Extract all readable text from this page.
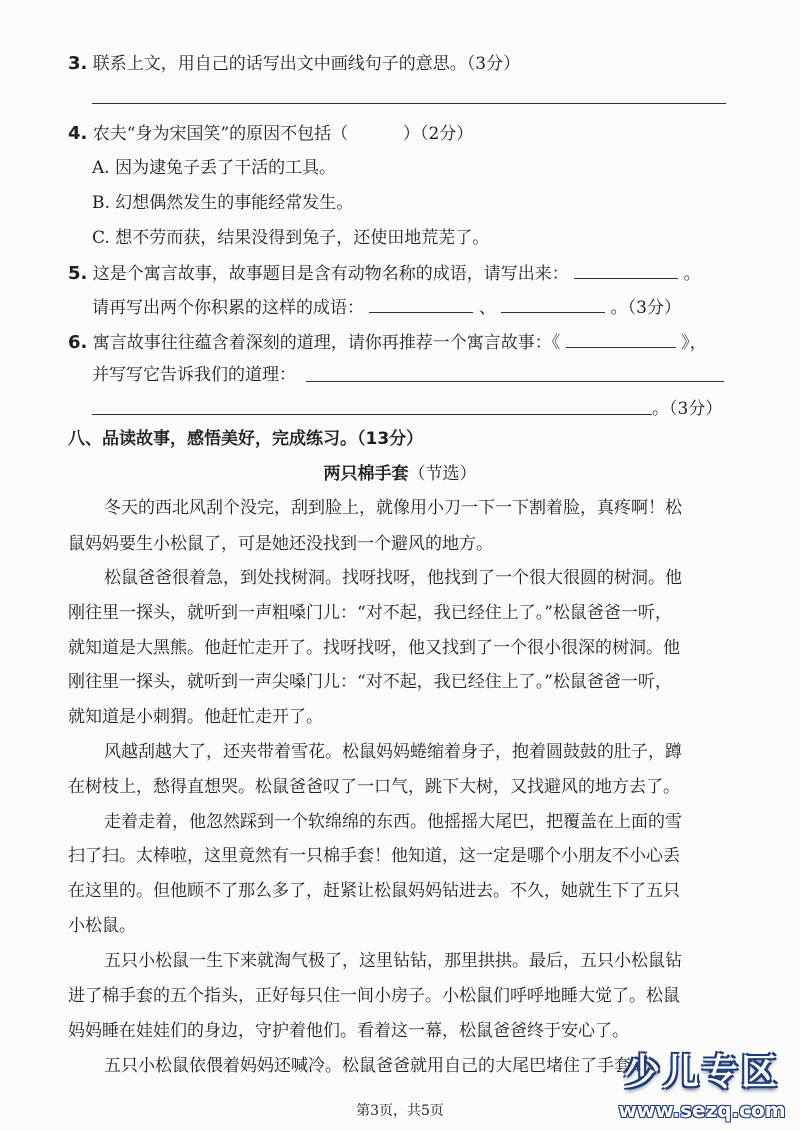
3. 联系上文，用自己的话写出文中画线句子的意思。（3分）
4. 农夫“身为宋国笑”的原因不包括（	）（2分）
A. 因为逮兔子丢了干活的工具。
B. 幻想偶然发生的事能经常发生。
C. 想不劳而获，结果没得到兔子，还使田地荒芜了。
5. 这是个寓言故事，故事题目是含有动物名称的成语，请写出来：	。
请再写出两个你积累的这样的成语：	、	。（3分）
6. 寓言故事往往蕴含着深刻的道理，请你再推荐一个寓言故事：《	》，
并写写它告诉我们的道理：
。（3分）
八、品读故事，感悟美好，完成练习。（13分）
两只棉手套（节选）
冬天的西北风刮个没完，刮到脸上，就像用小刀一下一下割着脸，真疼啊！松
鼠妈妈要生小松鼠了，可是她还没找到一个避风的地方。
松鼠爸爸很着急，到处找树洞。找呀找呀，他找到了一个很大很圆的树洞。他
刚往里一探头，就听到一声粗嗓门儿：“对不起，我已经住上了。”松鼠爸爸一听，
就知道是大黑熊。他赶忙走开了。找呀找呀，他又找到了一个很小很深的树洞。他
刚往里一探头，就听到一声尖嗓门儿：“对不起，我已经住上了。”松鼠爸爸一听，
就知道是小刺猬。他赶忙走开了。
风越刮越大了，还夹带着雪花。松鼠妈妈蜷缩着身子，抱着圆鼓鼓的肚子，蹲
在树枝上，愁得直想哭。松鼠爸爸叹了一口气，跳下大树，又找避风的地方去了。
走着走着，他忽然踩到一个软绵绵的东西。他摇摇大尾巴，把覆盖在上面的雪
扫了扫。太棒啦，这里竟然有一只棉手套！他知道，这一定是哪个小朋友不小心丢
在这里的。但他顾不了那么多了，赶紧让松鼠妈妈钻进去。不久，她就生下了五只
小松鼠。
五只小松鼠一生下来就淘气极了，这里钻钻，那里拱拱。最后，五只小松鼠钻
进了棉手套的五个指头，正好每只住一间小房子。小松鼠们呼呼地睡大觉了。松鼠
妈妈睡在娃娃们的身边，守护着他们。看着这一幕，松鼠爸爸终于安心了。
五只小松鼠依偎着妈妈还喊冷。松鼠爸爸就用自己的大尾巴堵住了手套的
第3页，共5页
少儿专区
www.sezq.com
